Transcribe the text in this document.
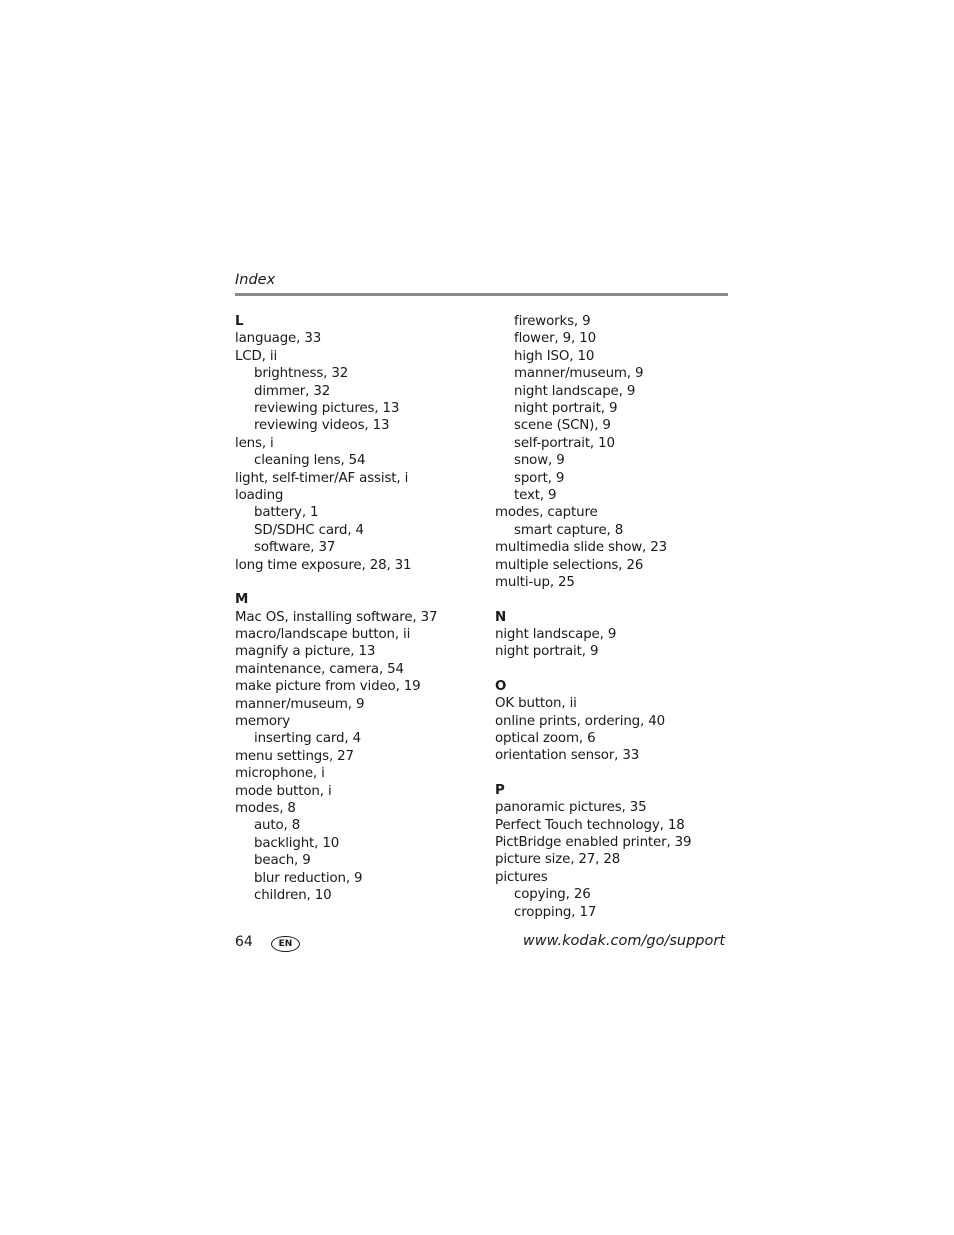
Index
L
language, 33
LCD, ii
brightness, 32
dimmer, 32
reviewing pictures, 13
reviewing videos, 13
lens, i
cleaning lens, 54
light, self-timer/AF assist, i
loading
battery, 1
SD/SDHC card, 4
software, 37
long time exposure, 28, 31
M
Mac OS, installing software, 37
macro/landscape button, ii
magnify a picture, 13
maintenance, camera, 54
make picture from video, 19
manner/museum, 9
memory
inserting card, 4
menu settings, 27
microphone, i
mode button, i
modes, 8
auto, 8
backlight, 10
beach, 9
blur reduction, 9
children, 10
fireworks, 9
flower, 9, 10
high ISO, 10
manner/museum, 9
night landscape, 9
night portrait, 9
scene (SCN), 9
self-portrait, 10
snow, 9
sport, 9
text, 9
modes, capture
smart capture, 8
multimedia slide show, 23
multiple selections, 26
multi-up, 25
N
night landscape, 9
night portrait, 9
O
OK button, ii
online prints, ordering, 40
optical zoom, 6
orientation sensor, 33
P
panoramic pictures, 35
Perfect Touch technology, 18
PictBridge enabled printer, 39
picture size, 27, 28
pictures
copying, 26
cropping, 17
64	EN	www.kodak.com/go/support
